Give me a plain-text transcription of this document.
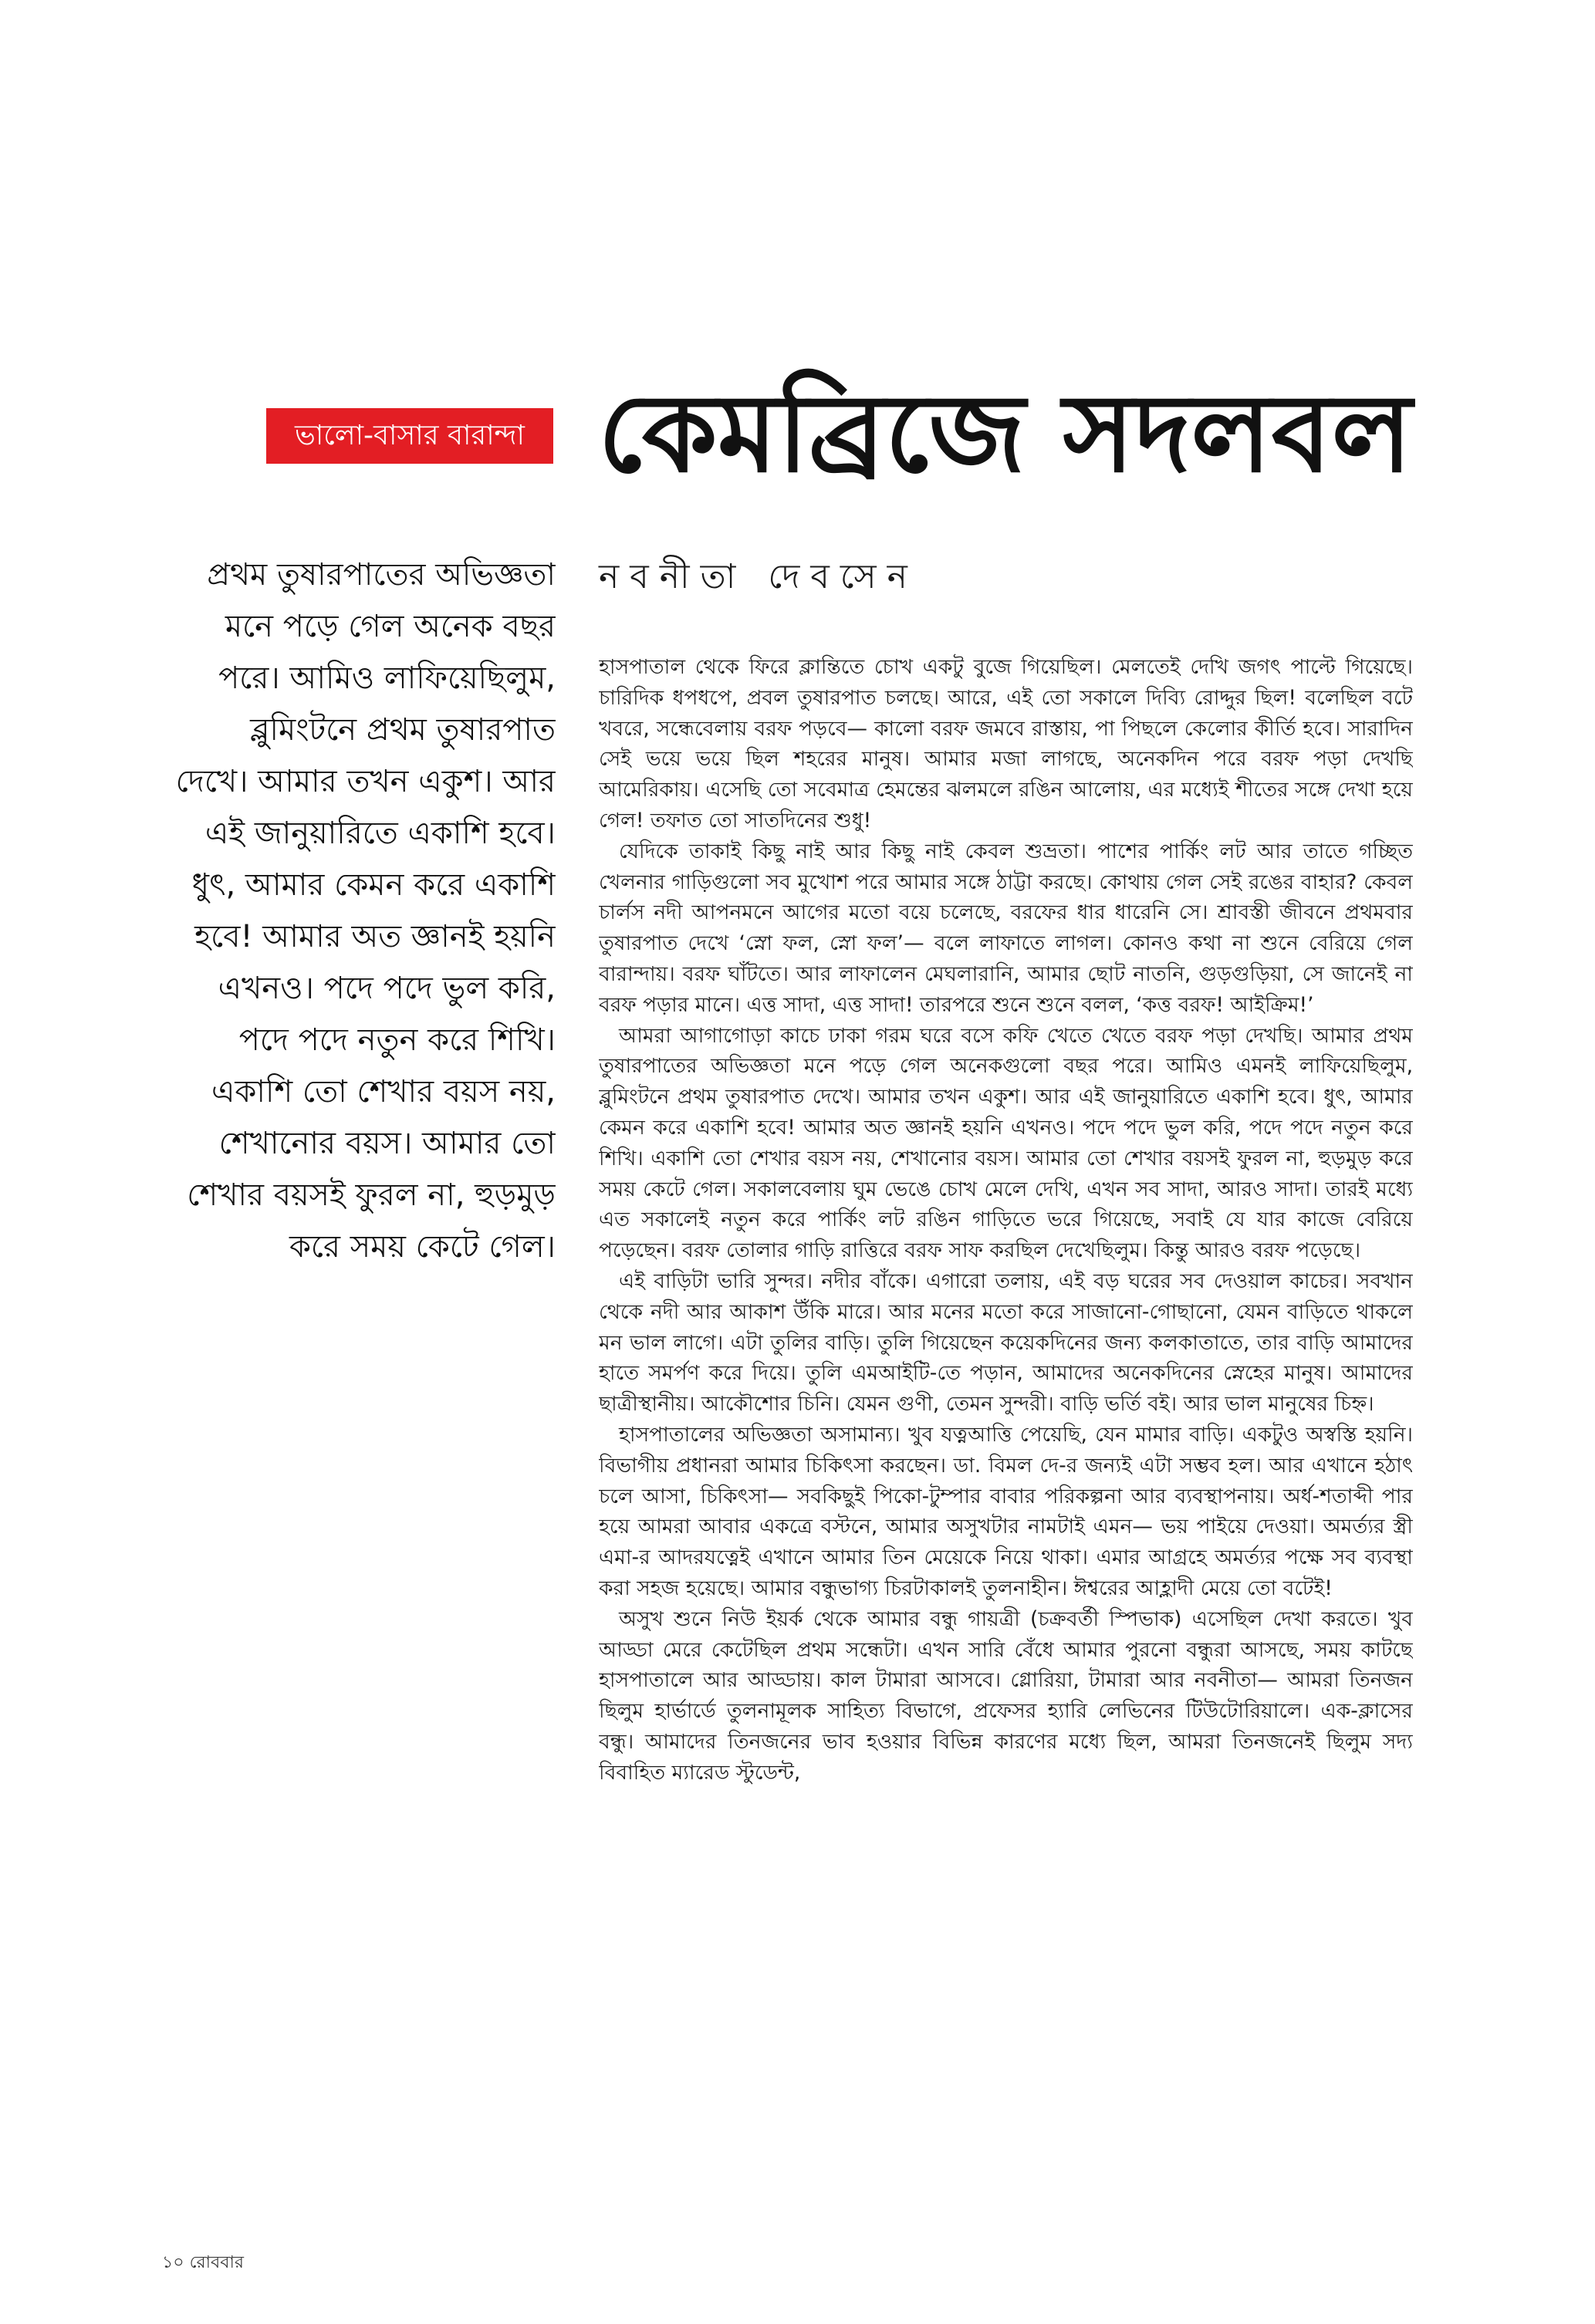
ভালো-বাসার বারান্দা কেমব্রিজে সদলবল
নবনীতা দেবসেন

প্রথম তুষারপাতের অভিজ্ঞতা মনে পড়ে গেল অনেক বছর পরে। আমিও লাফিয়েছিলুম, ব্লুমিংটনে প্রথম তুষারপাত দেখে। আমার তখন একুশ। আর এই জানুয়ারিতে একাশি হবে। ধুৎ, আমার কেমন করে একাশি হবে! আমার অত জ্ঞানই হয়নি এখনও। পদে পদে ভুল করি, পদে পদে নতুন করে শিখি। একাশি তো শেখার বয়স নয়, শেখানোর বয়স। আমার তো শেখার বয়সই ফুরল না, হুড়মুড় করে সময় কেটে গেল।

হাসপাতাল থেকে ফিরে ক্লান্তিতে চোখ একটু বুজে গিয়েছিল। মেলতেই দেখি জগৎ পাল্টে গিয়েছে। চারিদিক ধপধপে, প্রবল তুষারপাত চলছে। আরে, এই তো সকালে দিব্যি রোদ্দুর ছিল! বলেছিল বটে খবরে, সন্ধেবেলায় বরফ পড়বে— কালো বরফ জমবে রাস্তায়, পা পিছলে কেলোর কীর্তি হবে। সারাদিন সেই ভয়ে ভয়ে ছিল শহরের মানুষ। আমার মজা লাগছে, অনেকদিন পরে বরফ পড়া দেখছি আমেরিকায়। এসেছি তো সবেমাত্র হেমন্তের ঝলমলে রঙিন আলোয়, এর মধ্যেই শীতের সঙ্গে দেখা হয়ে গেল! তফাত তো সাতদিনের শুধু!

যেদিকে তাকাই কিছু নাই আর কিছু নাই কেবল শুভ্রতা। পাশের পার্কিং লট আর তাতে গচ্ছিত খেলনার গাড়িগুলো সব মুখোশ পরে আমার সঙ্গে ঠাট্টা করছে। কোথায় গেল সেই রঙের বাহার? কেবল চার্লস নদী আপনমনে আগের মতো বয়ে চলেছে, বরফের ধার ধারেনি সে। শ্রাবস্তী জীবনে প্রথমবার তুষারপাত দেখে ‘স্নো ফল, স্নো ফল’— বলে লাফাতে লাগল। কোনও কথা না শুনে বেরিয়ে গেল বারান্দায়। বরফ ঘাঁটতে। আর লাফালেন মেঘলারানি, আমার ছোট নাতনি, গুড়গুড়িয়া, সে জানেই না বরফ পড়ার মানে। এত্ত সাদা, এত্ত সাদা! তারপরে শুনে শুনে বলল, ‘কত্ত বরফ! আইক্রিম!’

আমরা আগাগোড়া কাচে ঢাকা গরম ঘরে বসে কফি খেতে খেতে বরফ পড়া দেখছি। আমার প্রথম তুষারপাতের অভিজ্ঞতা মনে পড়ে গেল অনেকগুলো বছর পরে। আমিও এমনই লাফিয়েছিলুম, ব্লুমিংটনে প্রথম তুষারপাত দেখে। আমার তখন একুশ। আর এই জানুয়ারিতে একাশি হবে। ধুৎ, আমার কেমন করে একাশি হবে! আমার অত জ্ঞানই হয়নি এখনও। পদে পদে ভুল করি, পদে পদে নতুন করে শিখি। একাশি তো শেখার বয়স নয়, শেখানোর বয়স। আমার তো শেখার বয়সই ফুরল না, হুড়মুড় করে সময় কেটে গেল। সকালবেলায় ঘুম ভেঙে চোখ মেলে দেখি, এখন সব সাদা, আরও সাদা। তারই মধ্যে এত সকালেই নতুন করে পার্কিং লট রঙিন গাড়িতে ভরে গিয়েছে, সবাই যে যার কাজে বেরিয়ে পড়েছেন। বরফ তোলার গাড়ি রাত্তিরে বরফ সাফ করছিল দেখেছিলুম। কিন্তু আরও বরফ পড়েছে।

এই বাড়িটা ভারি সুন্দর। নদীর বাঁকে। এগারো তলায়, এই বড় ঘরের সব দেওয়াল কাচের। সবখান থেকে নদী আর আকাশ উঁকি মারে। আর মনের মতো করে সাজানো-গোছানো, যেমন বাড়িতে থাকলে মন ভাল লাগে। এটা তুলির বাড়ি। তুলি গিয়েছেন কয়েকদিনের জন্য কলকাতাতে, তার বাড়ি আমাদের হাতে সমর্পণ করে দিয়ে। তুলি এমআইটি-তে পড়ান, আমাদের অনেকদিনের স্নেহের মানুষ। আমাদের ছাত্রীস্থানীয়। আকৌশোর চিনি। যেমন গুণী, তেমন সুন্দরী। বাড়ি ভর্তি বই। আর ভাল মানুষের চিহ্ন।

হাসপাতালের অভিজ্ঞতা অসামান্য। খুব যত্নআত্তি পেয়েছি, যেন মামার বাড়ি। একটুও অস্বস্তি হয়নি। বিভাগীয় প্রধানরা আমার চিকিৎসা করছেন। ডা. বিমল দে-র জন্যই এটা সম্ভব হল। আর এখানে হঠাৎ চলে আসা, চিকিৎসা— সবকিছুই পিকো-টুম্পার বাবার পরিকল্পনা আর ব্যবস্থাপনায়। অর্ধ-শতাব্দী পার হয়ে আমরা আবার একত্রে বস্টনে, আমার অসুখটার নামটাই এমন— ভয় পাইয়ে দেওয়া। অমর্ত্যর স্ত্রী এমা-র আদরযত্নেই এখানে আমার তিন মেয়েকে নিয়ে থাকা। এমার আগ্রহে অমর্ত্যর পক্ষে সব ব্যবস্থা করা সহজ হয়েছে। আমার বন্ধুভাগ্য চিরটাকালই তুলনাহীন। ঈশ্বরের আহ্লাদী মেয়ে তো বটেই!

অসুখ শুনে নিউ ইয়র্ক থেকে আমার বন্ধু গায়ত্রী (চক্রবর্তী স্পিভাক) এসেছিল দেখা করতে। খুব আড্ডা মেরে কেটেছিল প্রথম সন্ধেটা। এখন সারি বেঁধে আমার পুরনো বন্ধুরা আসছে, সময় কাটছে হাসপাতালে আর আড্ডায়। কাল টামারা আসবে। গ্লোরিয়া, টামারা আর নবনীতা— আমরা তিনজন ছিলুম হার্ভার্ডে তুলনামূলক সাহিত্য বিভাগে, প্রফেসর হ্যারি লেভিনের টিউটোরিয়ালে। এক-ক্লাসের বন্ধু। আমাদের তিনজনের ভাব হওয়ার বিভিন্ন কারণের মধ্যে ছিল, আমরা তিনজনেই ছিলুম সদ্য বিবাহিত ম্যারেড স্টুডেন্ট,

১০ রোববার
